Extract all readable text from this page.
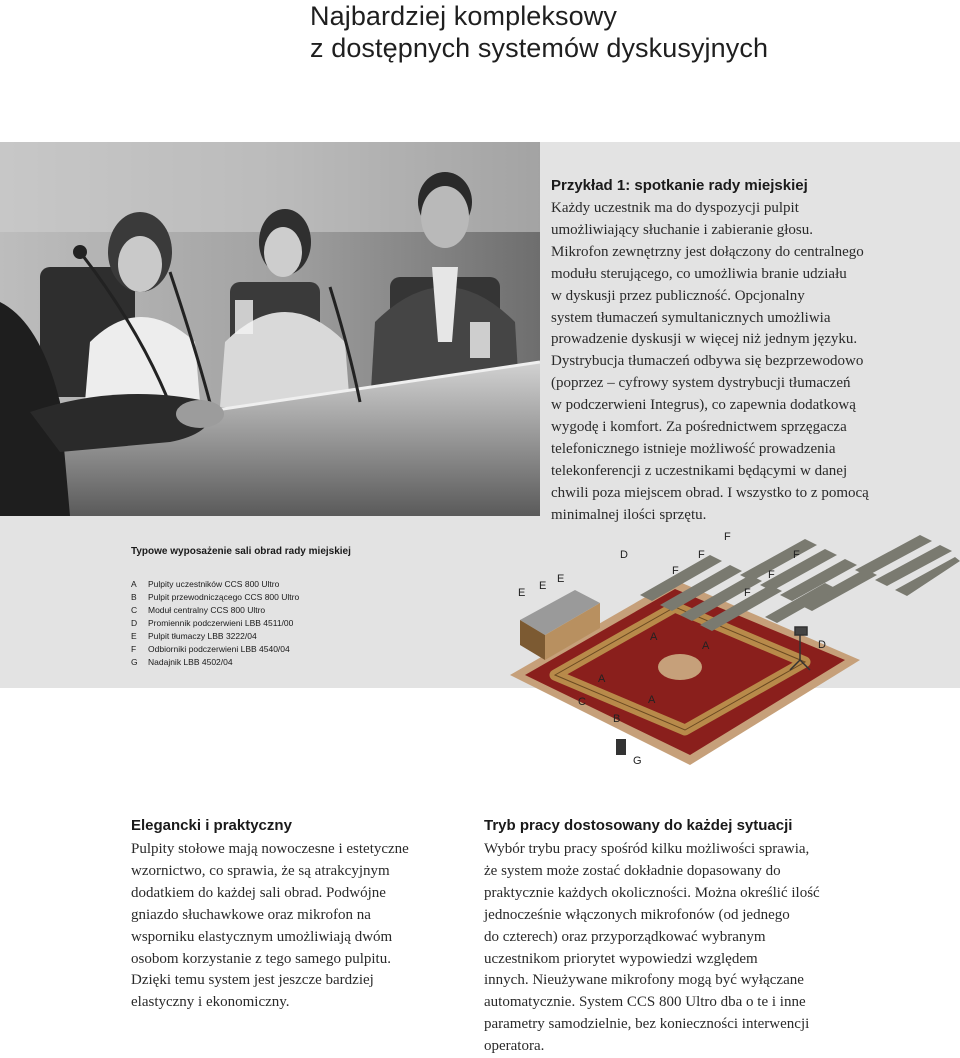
Najbardziej kompleksowy
z dostępnych systemów dyskusyjnych
Przykład 1: spotkanie rady miejskiej

Każdy uczestnik ma do dyspozycji pulpit
umożliwiający słuchanie i zabieranie głosu.
Mikrofon zewnętrzny jest dołączony do centralnego
modułu sterującego, co umożliwia branie udziału
w dyskusji przez publiczność. Opcjonalny
system tłumaczeń symultanicznych umożliwia
prowadzenie dyskusji w więcej niż jednym języku.
Dystrybucja tłumaczeń odbywa się bezprzewodowo
(poprzez – cyfrowy system dystrybucji tłumaczeń
w podczerwieni Integrus), co zapewnia dodatkową
wygodę i komfort. Za pośrednictwem sprzęgacza
telefonicznego istnieje możliwość prowadzenia
telekonferencji z uczestnikami będącymi w danej
chwili poza miejscem obrad. I wszystko to z pomocą
minimalnej ilości sprzętu.

Typowe wyposażenie sali obrad rady miejskiej
A	Pulpity uczestników CCS 800 Ultro
B	Pulpit przewodniczącego CCS 800 Ultro
C	Moduł centralny CCS 800 Ultro
D	Promiennik podczerwieni LBB 4511/00
E	Pulpit tłumaczy LBB 3222/04
F	Odbiorniki podczerwieni LBB 4540/04
G	Nadajnik LBB 4502/04
E
E
E
D	F
F
F
F	F
F
D
A
A
A
A
C
B
G
Elegancki i praktyczny

Pulpity stołowe mają nowoczesne i estetyczne
wzornictwo, co sprawia, że są atrakcyjnym
dodatkiem do każdej sali obrad. Podwójne
gniazdo słuchawkowe oraz mikrofon na
wsporniku elastycznym umożliwiają dwóm
osobom korzystanie z tego samego pulpitu.
Dzięki temu system jest jeszcze bardziej
elastyczny i ekonomiczny.

Tryb pracy dostosowany do każdej sytuacji

Wybór trybu pracy spośród kilku możliwości sprawia,
że system może zostać dokładnie dopasowany do
praktycznie każdych okoliczności. Można określić ilość
jednocześnie włączonych mikrofonów (od jednego
do czterech) oraz przyporządkować wybranym
uczestnikom priorytet wypowiedzi względem
innych. Nieużywane mikrofony mogą być wyłączane
automatycznie. System CCS 800 Ultro dba o te i inne
parametry samodzielnie, bez konieczności interwencji
operatora.
